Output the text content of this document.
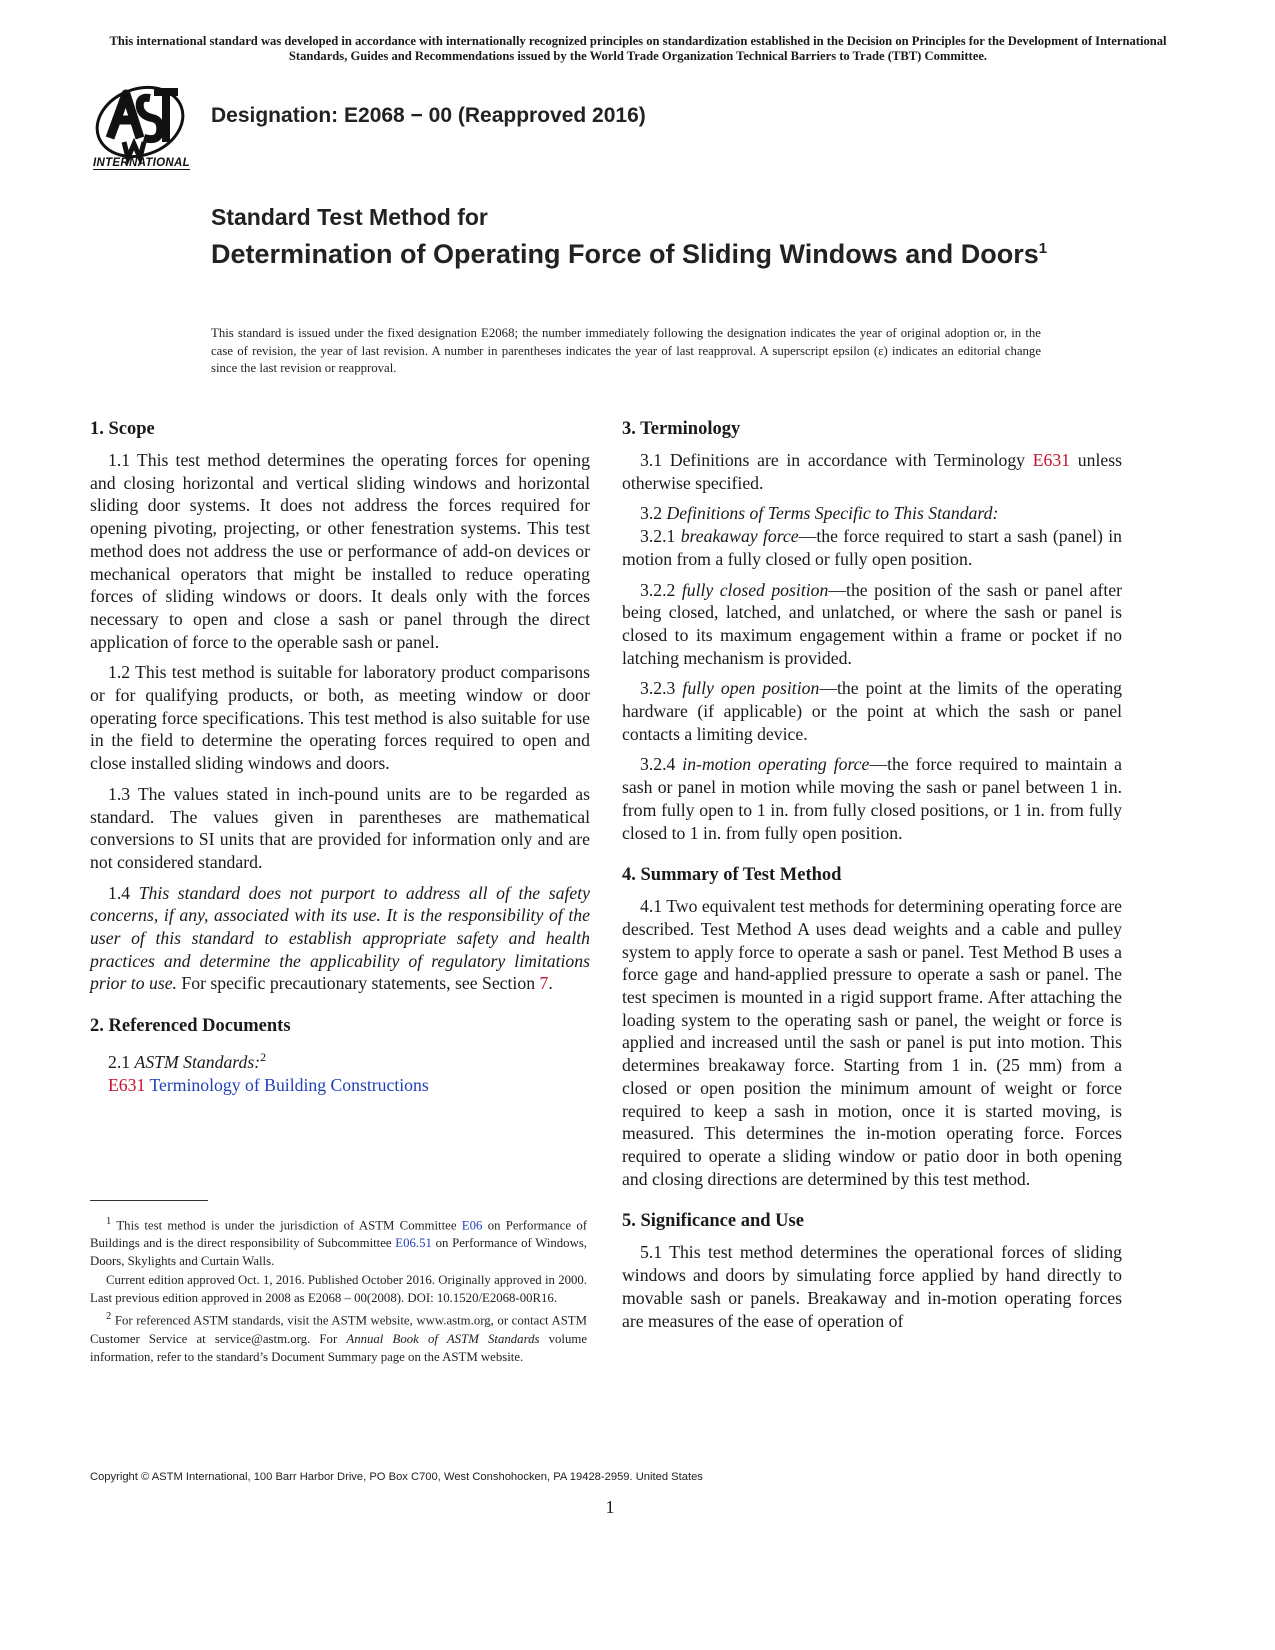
This international standard was developed in accordance with internationally recognized principles on standardization established in the Decision on Principles for the Development of International Standards, Guides and Recommendations issued by the World Trade Organization Technical Barriers to Trade (TBT) Committee.

INTERNATIONAL
Designation: E2068 − 00 (Reapproved 2016)
Standard Test Method for
Determination of Operating Force of Sliding Windows and Doors$^1$

This standard is issued under the fixed designation E2068; the number immediately following the designation indicates the year of original adoption or, in the case of revision, the year of last revision. A number in parentheses indicates the year of last reapproval. A superscript epsilon (ε) indicates an editorial change since the last revision or reapproval.

1. Scope

1.1 This test method determines the operating forces for opening and closing horizontal and vertical sliding windows and horizontal sliding door systems. It does not address the forces required for opening pivoting, projecting, or other fenestration systems. This test method does not address the use or performance of add-on devices or mechanical operators that might be installed to reduce operating forces of sliding windows or doors. It deals only with the forces necessary to open and close a sash or panel through the direct application of force to the operable sash or panel.

1.2 This test method is suitable for laboratory product comparisons or for qualifying products, or both, as meeting window or door operating force specifications. This test method is also suitable for use in the field to determine the operating forces required to open and close installed sliding windows and doors.

1.3 The values stated in inch-pound units are to be regarded as standard. The values given in parentheses are mathematical conversions to SI units that are provided for information only and are not considered standard.

1.4 This standard does not purport to address all of the safety concerns, if any, associated with its use. It is the responsibility of the user of this standard to establish appropriate safety and health practices and determine the applicability of regulatory limitations prior to use. For specific precautionary statements, see Section 7.

2. Referenced Documents

2.1 ASTM Standards:$^2$

E631 Terminology of Building Constructions

3. Terminology

3.1 Definitions are in accordance with Terminology E631 unless otherwise specified.

3.2 Definitions of Terms Specific to This Standard:

3.2.1 breakaway force—the force required to start a sash (panel) in motion from a fully closed or fully open position.

3.2.2 fully closed position—the position of the sash or panel after being closed, latched, and unlatched, or where the sash or panel is closed to its maximum engagement within a frame or pocket if no latching mechanism is provided.

3.2.3 fully open position—the point at the limits of the operating hardware (if applicable) or the point at which the sash or panel contacts a limiting device.

3.2.4 in-motion operating force—the force required to maintain a sash or panel in motion while moving the sash or panel between 1 in. from fully open to 1 in. from fully closed positions, or 1 in. from fully closed to 1 in. from fully open position.

4. Summary of Test Method

4.1 Two equivalent test methods for determining operating force are described. Test Method A uses dead weights and a cable and pulley system to apply force to operate a sash or panel. Test Method B uses a force gage and hand-applied pressure to operate a sash or panel. The test specimen is mounted in a rigid support frame. After attaching the loading system to the operating sash or panel, the weight or force is applied and increased until the sash or panel is put into motion. This determines breakaway force. Starting from 1 in. (25 mm) from a closed or open position the minimum amount of weight or force required to keep a sash in motion, once it is started moving, is measured. This determines the in-motion operating force. Forces required to operate a sliding window or patio door in both opening and closing directions are determined by this test method.

5. Significance and Use

5.1 This test method determines the operational forces of sliding windows and doors by simulating force applied by hand directly to movable sash or panels. Breakaway and in-motion operating forces are measures of the ease of operation of

$^1$ This test method is under the jurisdiction of ASTM Committee E06 on Performance of Buildings and is the direct responsibility of Subcommittee E06.51 on Performance of Windows, Doors, Skylights and Curtain Walls.

Current edition approved Oct. 1, 2016. Published October 2016. Originally approved in 2000. Last previous edition approved in 2008 as E2068 – 00(2008). DOI: 10.1520/E2068-00R16.

$^2$ For referenced ASTM standards, visit the ASTM website, www.astm.org, or contact ASTM Customer Service at service@astm.org. For Annual Book of ASTM Standards volume information, refer to the standard’s Document Summary page on the ASTM website.

Copyright © ASTM International, 100 Barr Harbor Drive, PO Box C700, West Conshohocken, PA 19428-2959. United States

1
